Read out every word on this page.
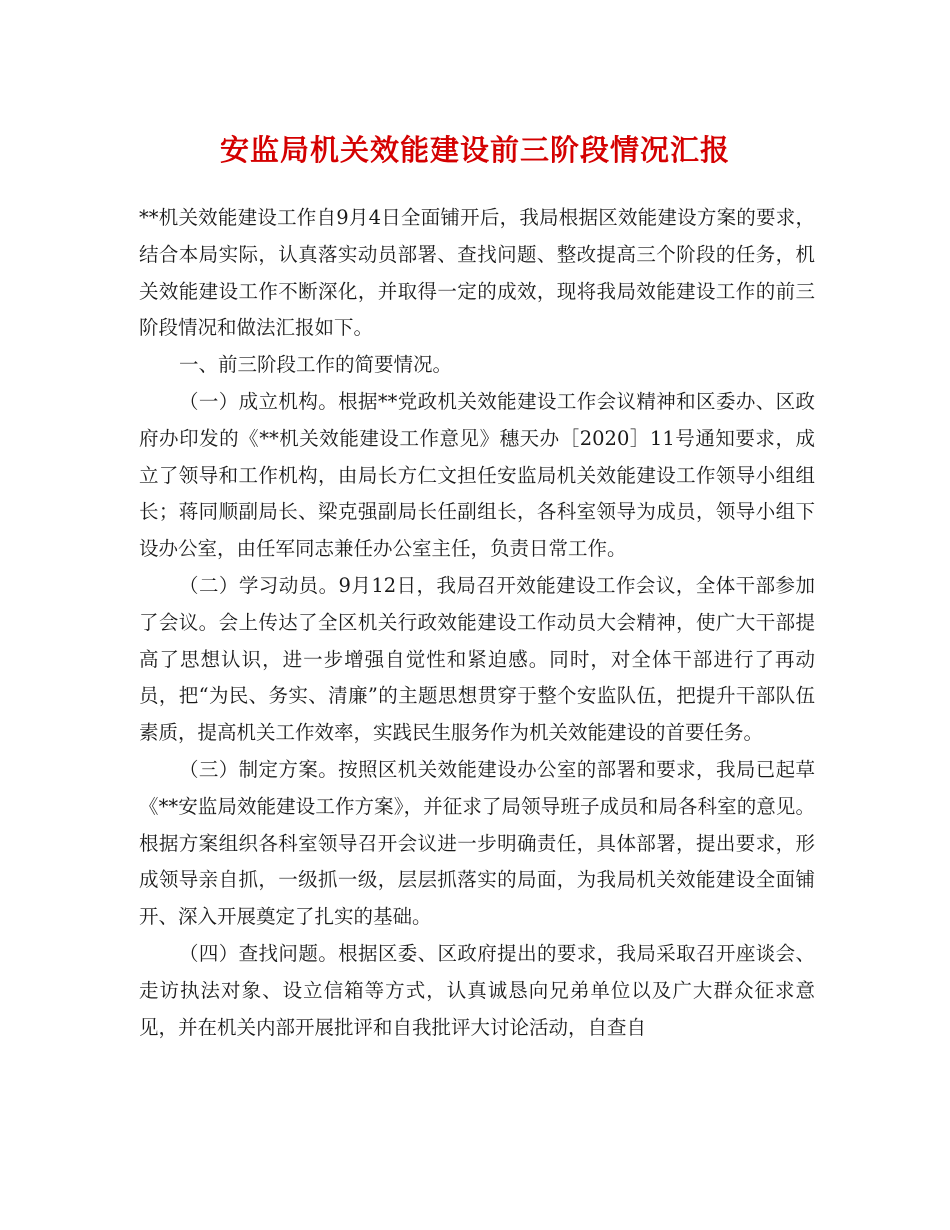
安监局机关效能建设前三阶段情况汇报

**机关效能建设工作自9月4日全面铺开后，我局根据区效能建设方案的要求，结合本局实际，认真落实动员部署、查找问题、整改提高三个阶段的任务，机关效能建设工作不断深化，并取得一定的成效，现将我局效能建设工作的前三阶段情况和做法汇报如下。

一、前三阶段工作的简要情况。

（一）成立机构。根据**党政机关效能建设工作会议精神和区委办、区政府办印发的《**机关效能建设工作意见》穗天办［2020］11号通知要求，成立了领导和工作机构，由局长方仁文担任安监局机关效能建设工作领导小组组长；蒋同顺副局长、梁克强副局长任副组长，各科室领导为成员，领导小组下设办公室，由任军同志兼任办公室主任，负责日常工作。

（二）学习动员。9月12日，我局召开效能建设工作会议，全体干部参加了会议。会上传达了全区机关行政效能建设工作动员大会精神，使广大干部提高了思想认识，进一步增强自觉性和紧迫感。同时，对全体干部进行了再动员，把“为民、务实、清廉”的主题思想贯穿于整个安监队伍，把提升干部队伍素质，提高机关工作效率，实践民生服务作为机关效能建设的首要任务。

（三）制定方案。按照区机关效能建设办公室的部署和要求，我局已起草《**安监局效能建设工作方案》，并征求了局领导班子成员和局各科室的意见。根据方案组织各科室领导召开会议进一步明确责任，具体部署，提出要求，形成领导亲自抓，一级抓一级，层层抓落实的局面，为我局机关效能建设全面铺开、深入开展奠定了扎实的基础。

（四）查找问题。根据区委、区政府提出的要求，我局采取召开座谈会、走访执法对象、设立信箱等方式，认真诚恳向兄弟单位以及广大群众征求意见，并在机关内部开展批评和自我批评大讨论活动，自查自
